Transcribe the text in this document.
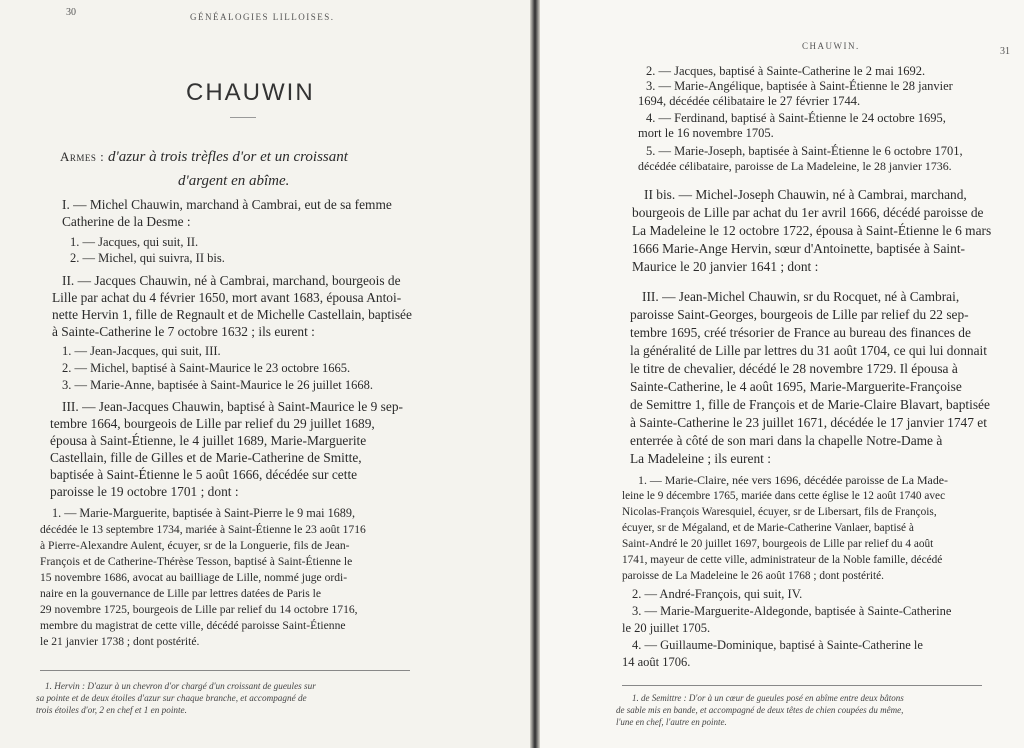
30	GÉNÉALOGIES LILLOISES.
CHAUWIN
Armes : d'azur à trois trèfles d'or et un croissant
d'argent en abîme.
I. — Michel Chauwin, marchand à Cambrai, eut de sa femme
Catherine de la Desme :
1. — Jacques, qui suit, II.
2. — Michel, qui suivra, II bis.
II. — Jacques Chauwin, né à Cambrai, marchand, bourgeois de
Lille par achat du 4 février 1650, mort avant 1683, épousa Antoi-
nette Hervin 1, fille de Regnault et de Michelle Castellain, baptisée
à Sainte-Catherine le 7 octobre 1632 ; ils eurent :
1. — Jean-Jacques, qui suit, III.
2. — Michel, baptisé à Saint-Maurice le 23 octobre 1665.
3. — Marie-Anne, baptisée à Saint-Maurice le 26 juillet 1668.
III. — Jean-Jacques Chauwin, baptisé à Saint-Maurice le 9 sep-
tembre 1664, bourgeois de Lille par relief du 29 juillet 1689,
épousa à Saint-Étienne, le 4 juillet 1689, Marie-Marguerite
Castellain, fille de Gilles et de Marie-Catherine de Smitte,
baptisée à Saint-Étienne le 5 août 1666, décédée sur cette
paroisse le 19 octobre 1701 ; dont :
1. — Marie-Marguerite, baptisée à Saint-Pierre le 9 mai 1689,
décédée le 13 septembre 1734, mariée à Saint-Étienne le 23 août 1716
à Pierre-Alexandre Aulent, écuyer, sr de la Longuerie, fils de Jean-
François et de Catherine-Thérèse Tesson, baptisé à Saint-Étienne le
15 novembre 1686, avocat au bailliage de Lille, nommé juge ordi-
naire en la gouvernance de Lille par lettres datées de Paris le
29 novembre 1725, bourgeois de Lille par relief du 14 octobre 1716,
membre du magistrat de cette ville, décédé paroisse Saint-Étienne
le 21 janvier 1738 ; dont postérité.
1. Hervin : D'azur à un chevron d'or chargé d'un croissant de gueules sur
sa pointe et de deux étoiles d'azur sur chaque branche, et accompagné de
trois étoiles d'or, 2 en chef et 1 en pointe.
CHAUWIN.	31
2. — Jacques, baptisé à Sainte-Catherine le 2 mai 1692.
3. — Marie-Angélique, baptisée à Saint-Étienne le 28 janvier
1694, décédée célibataire le 27 février 1744.
4. — Ferdinand, baptisé à Saint-Étienne le 24 octobre 1695,
mort le 16 novembre 1705.
5. — Marie-Joseph, baptisée à Saint-Étienne le 6 octobre 1701,
décédée célibataire, paroisse de La Madeleine, le 28 janvier 1736.
II bis. — Michel-Joseph Chauwin, né à Cambrai, marchand,
bourgeois de Lille par achat du 1er avril 1666, décédé paroisse de
La Madeleine le 12 octobre 1722, épousa à Saint-Étienne le 6 mars
1666 Marie-Ange Hervin, sœur d'Antoinette, baptisée à Saint-
Maurice le 20 janvier 1641 ; dont :
III. — Jean-Michel Chauwin, sr du Rocquet, né à Cambrai,
paroisse Saint-Georges, bourgeois de Lille par relief du 22 sep-
tembre 1695, créé trésorier de France au bureau des finances de
la généralité de Lille par lettres du 31 août 1704, ce qui lui donnait
le titre de chevalier, décédé le 28 novembre 1729. Il épousa à
Sainte-Catherine, le 4 août 1695, Marie-Marguerite-Françoise
de Semittre 1, fille de François et de Marie-Claire Blavart, baptisée
à Sainte-Catherine le 23 juillet 1671, décédée le 17 janvier 1747 et
enterrée à côté de son mari dans la chapelle Notre-Dame à
La Madeleine ; ils eurent :
1. — Marie-Claire, née vers 1696, décédée paroisse de La Made-
leine le 9 décembre 1765, mariée dans cette église le 12 août 1740 avec
Nicolas-François Waresquiel, écuyer, sr de Libersart, fils de François,
écuyer, sr de Mégaland, et de Marie-Catherine Vanlaer, baptisé à
Saint-André le 20 juillet 1697, bourgeois de Lille par relief du 4 août
1741, mayeur de cette ville, administrateur de la Noble famille, décédé
paroisse de La Madeleine le 26 août 1768 ; dont postérité.
2. — André-François, qui suit, IV.
3. — Marie-Marguerite-Aldegonde, baptisée à Sainte-Catherine
le 20 juillet 1705.
4. — Guillaume-Dominique, baptisé à Sainte-Catherine le
14 août 1706.
1. de Semittre : D'or à un cœur de gueules posé en abîme entre deux bâtons
de sable mis en bande, et accompagné de deux têtes de chien coupées du même,
l'une en chef, l'autre en pointe.
